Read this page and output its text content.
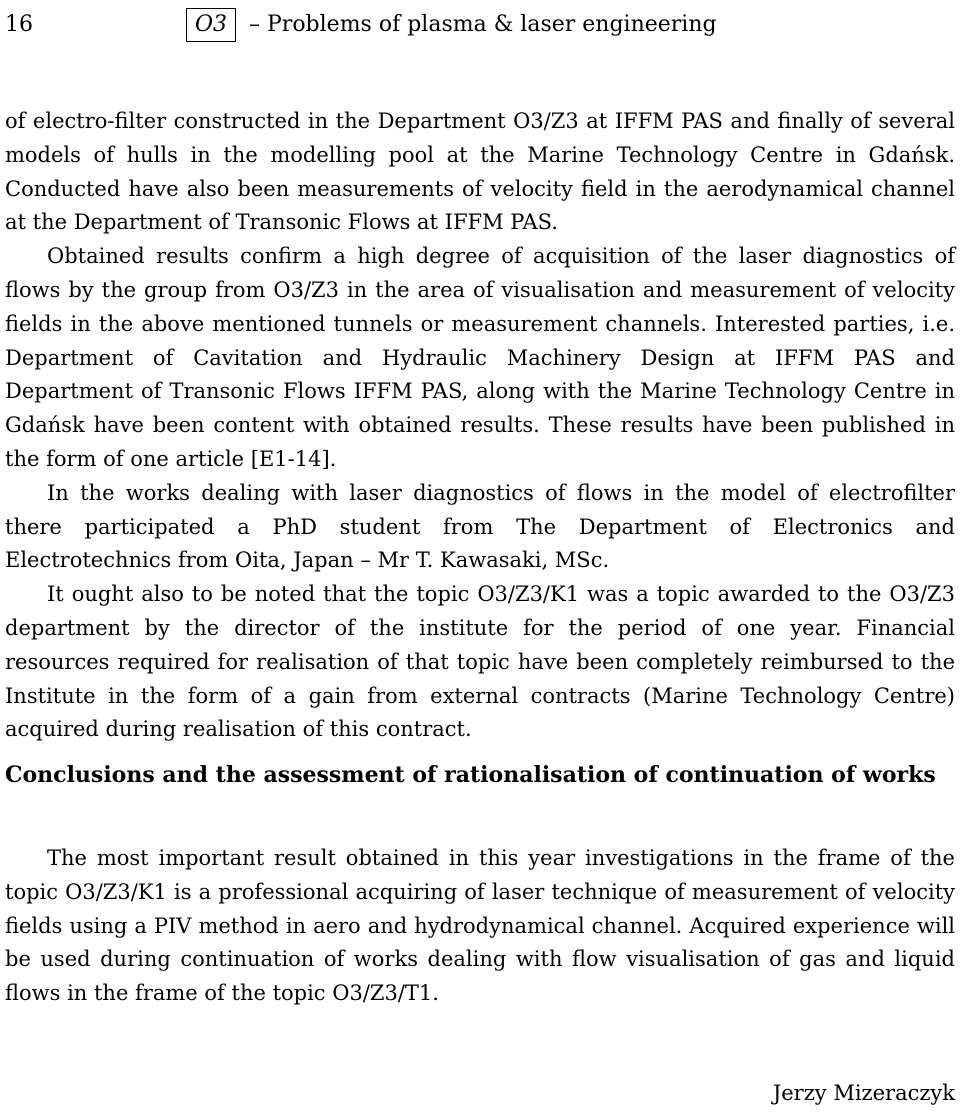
16	O3 – Problems of plasma & laser engineering

of electro-filter constructed in the Department O3/Z3 at IFFM PAS and finally of several models of hulls in the modelling pool at the Marine Technology Centre in Gdańsk. Conducted have also been measurements of velocity field in the aerodynamical channel at the Department of Transonic Flows at IFFM PAS.

Obtained results confirm a high degree of acquisition of the laser diagnostics of flows by the group from O3/Z3 in the area of visualisation and measurement of velocity fields in the above mentioned tunnels or measurement channels. Interested parties, i.e. Department of Cavitation and Hydraulic Machinery Design at IFFM PAS and Department of Transonic Flows IFFM PAS, along with the Marine Technology Centre in Gdańsk have been content with obtained results. These results have been published in the form of one article [E1-14].

In the works dealing with laser diagnostics of flows in the model of electrofilter there participated a PhD student from The Department of Electronics and Electrotechnics from Oita, Japan – Mr T. Kawasaki, MSc.

It ought also to be noted that the topic O3/Z3/K1 was a topic awarded to the O3/Z3 department by the director of the institute for the period of one year. Financial resources required for realisation of that topic have been completely reimbursed to the Institute in the form of a gain from external contracts (Marine Technology Centre) acquired during realisation of this contract.

Conclusions and the assessment of rationalisation of continuation of works

The most important result obtained in this year investigations in the frame of the topic O3/Z3/K1 is a professional acquiring of laser technique of measurement of velocity fields using a PIV method in aero and hydrodynamical channel. Acquired experience will be used during continuation of works dealing with flow visualisation of gas and liquid flows in the frame of the topic O3/Z3/T1.

Jerzy Mizeraczyk
